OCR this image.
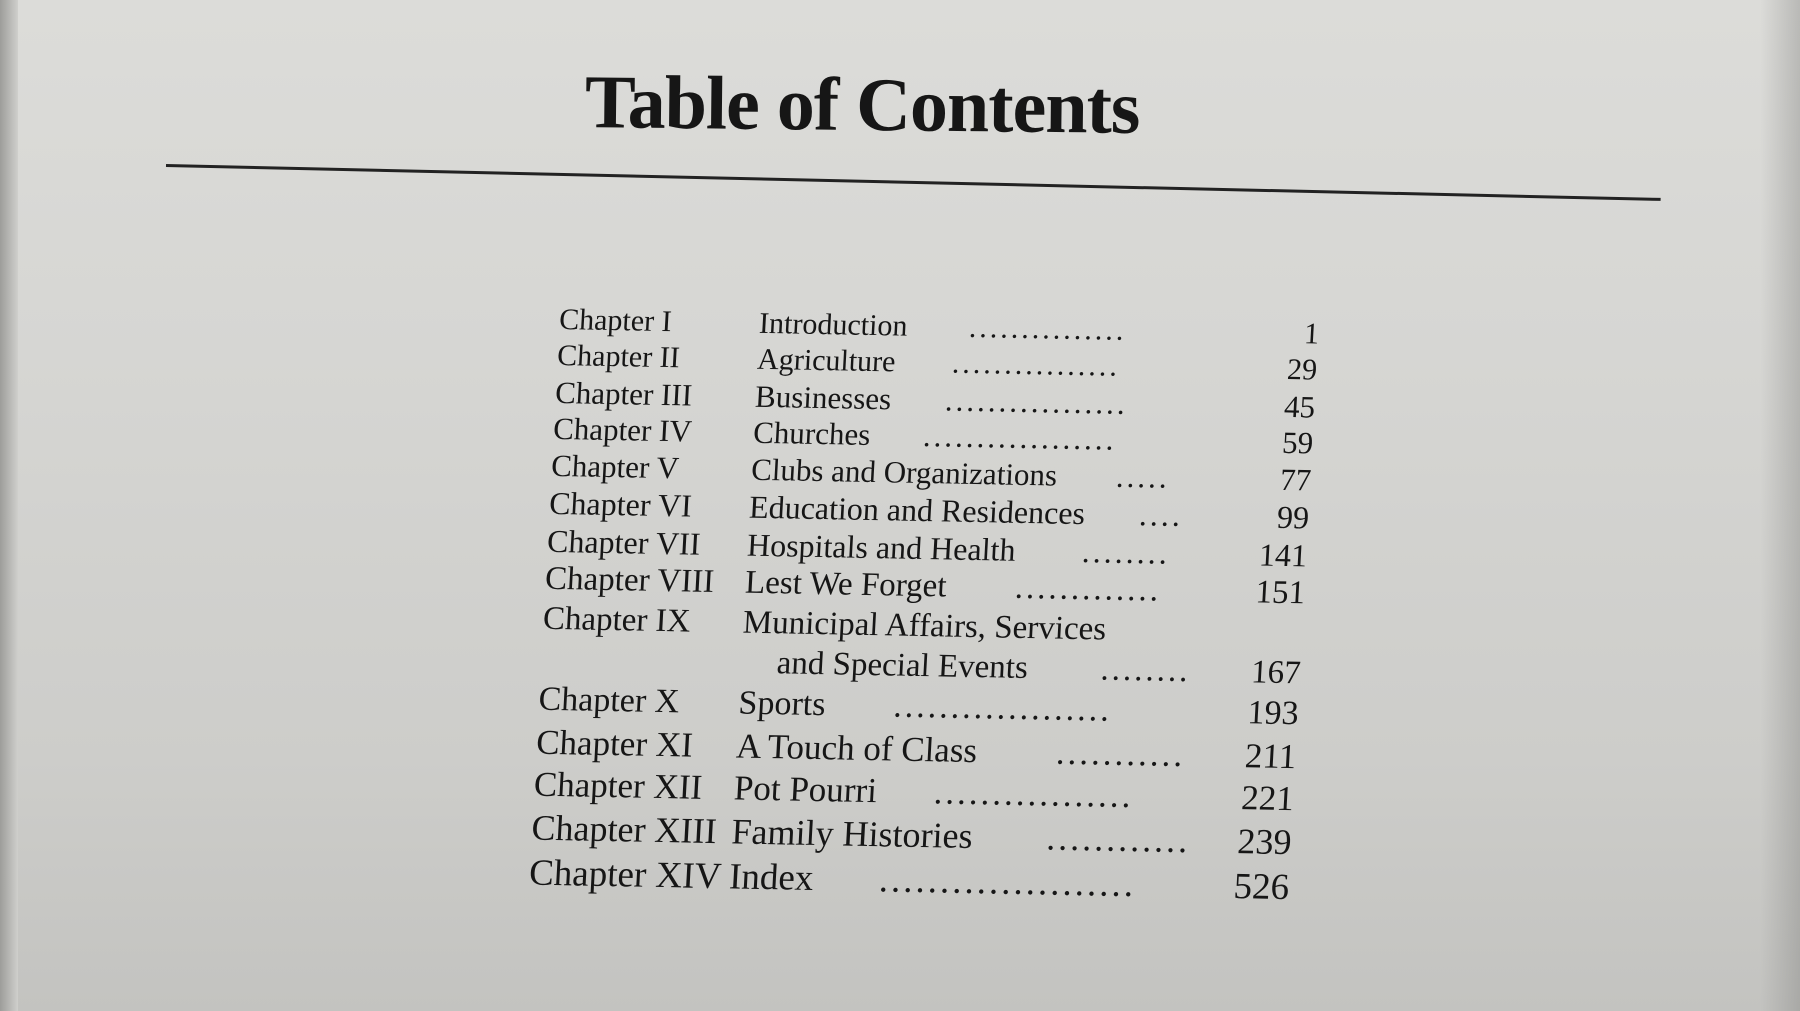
Table of Contents
Chapter I	Introduction ...............	1
Chapter II	Agriculture ................	29
Chapter III Businesses .................	45
Chapter IV Churches ..................	59
Chapter V Clubs and Organizations .....	77
Chapter VI Education and Residences ....	99
Chapter VII Hospitals and Health ........	141
Chapter VIII Lest We Forget .............	151
Chapter IX Municipal Affairs, Services
and Special Events ........	167
Chapter X Sports ...................	193
Chapter XI A Touch of Class ...........	211
Chapter XII Pot Pourri .................	221
Chapter XIII Family Histories ............	239
Chapter XIV Index .....................	526
